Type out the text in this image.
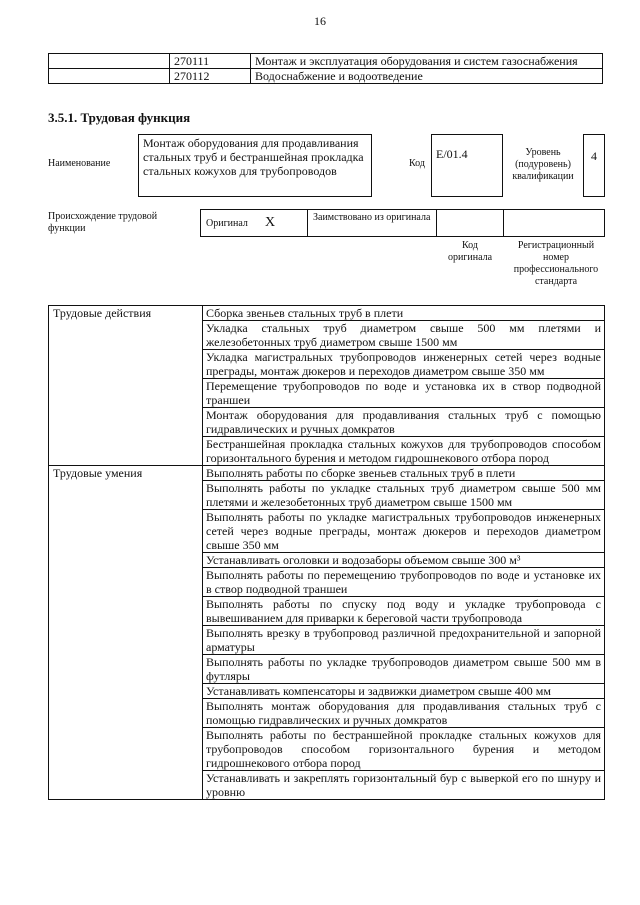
16
	270111	Монтаж и эксплуатация оборудования и систем газоснабжения
	270112	Водоснабжение и водоотведение
3.5.1. Трудовая функция
Наименование
Монтаж оборудования для продавливания стальных труб и бестраншейная прокладка стальных кожухов для трубопроводов
Код
E/01.4	Уровень (подуровень) квалификации
4
Происхождение трудовой функции	Оригинал X	Заимствовано из оригинала
Код оригинала
Регистрационный номер профессионального стандарта
Трудовые действия	Сборка звеньев стальных труб в плети
	Укладка стальных труб диаметром свыше 500 мм плетями и железобетонных труб диаметром свыше 1500 мм
	Укладка магистральных трубопроводов инженерных сетей через водные преграды, монтаж дюкеров и переходов диаметром свыше 350 мм
	Перемещение трубопроводов по воде и установка их в створ подводной траншеи
	Монтаж оборудования для продавливания стальных труб с помощью гидравлических и ручных домкратов
	Бестраншейная прокладка стальных кожухов для трубопроводов способом горизонтального бурения и методом гидрошнекового отбора пород
Трудовые умения	Выполнять работы по сборке звеньев стальных труб в плети
	Выполнять работы по укладке стальных труб диаметром свыше 500 мм плетями и железобетонных труб диаметром свыше 1500 мм
	Выполнять работы по укладке магистральных трубопроводов инженерных сетей через водные преграды, монтаж дюкеров и переходов диаметром свыше 350 мм
	Устанавливать оголовки и водозаборы объемом свыше 300 м³
	Выполнять работы по перемещению трубопроводов по воде и установке их в створ подводной траншеи
	Выполнять работы по спуску под воду и укладке трубопровода с вывешиванием для приварки к береговой части трубопровода
	Выполнять врезку в трубопровод различной предохранительной и запорной арматуры
	Выполнять работы по укладке трубопроводов диаметром свыше 500 мм в футляры
	Устанавливать компенсаторы и задвижки диаметром свыше 400 мм
	Выполнять монтаж оборудования для продавливания стальных труб с помощью гидравлических и ручных домкратов
	Выполнять работы по бестраншейной прокладке стальных кожухов для трубопроводов способом горизонтального бурения и методом гидрошнекового отбора пород
	Устанавливать и закреплять горизонтальный бур с выверкой его по шнуру и уровню
